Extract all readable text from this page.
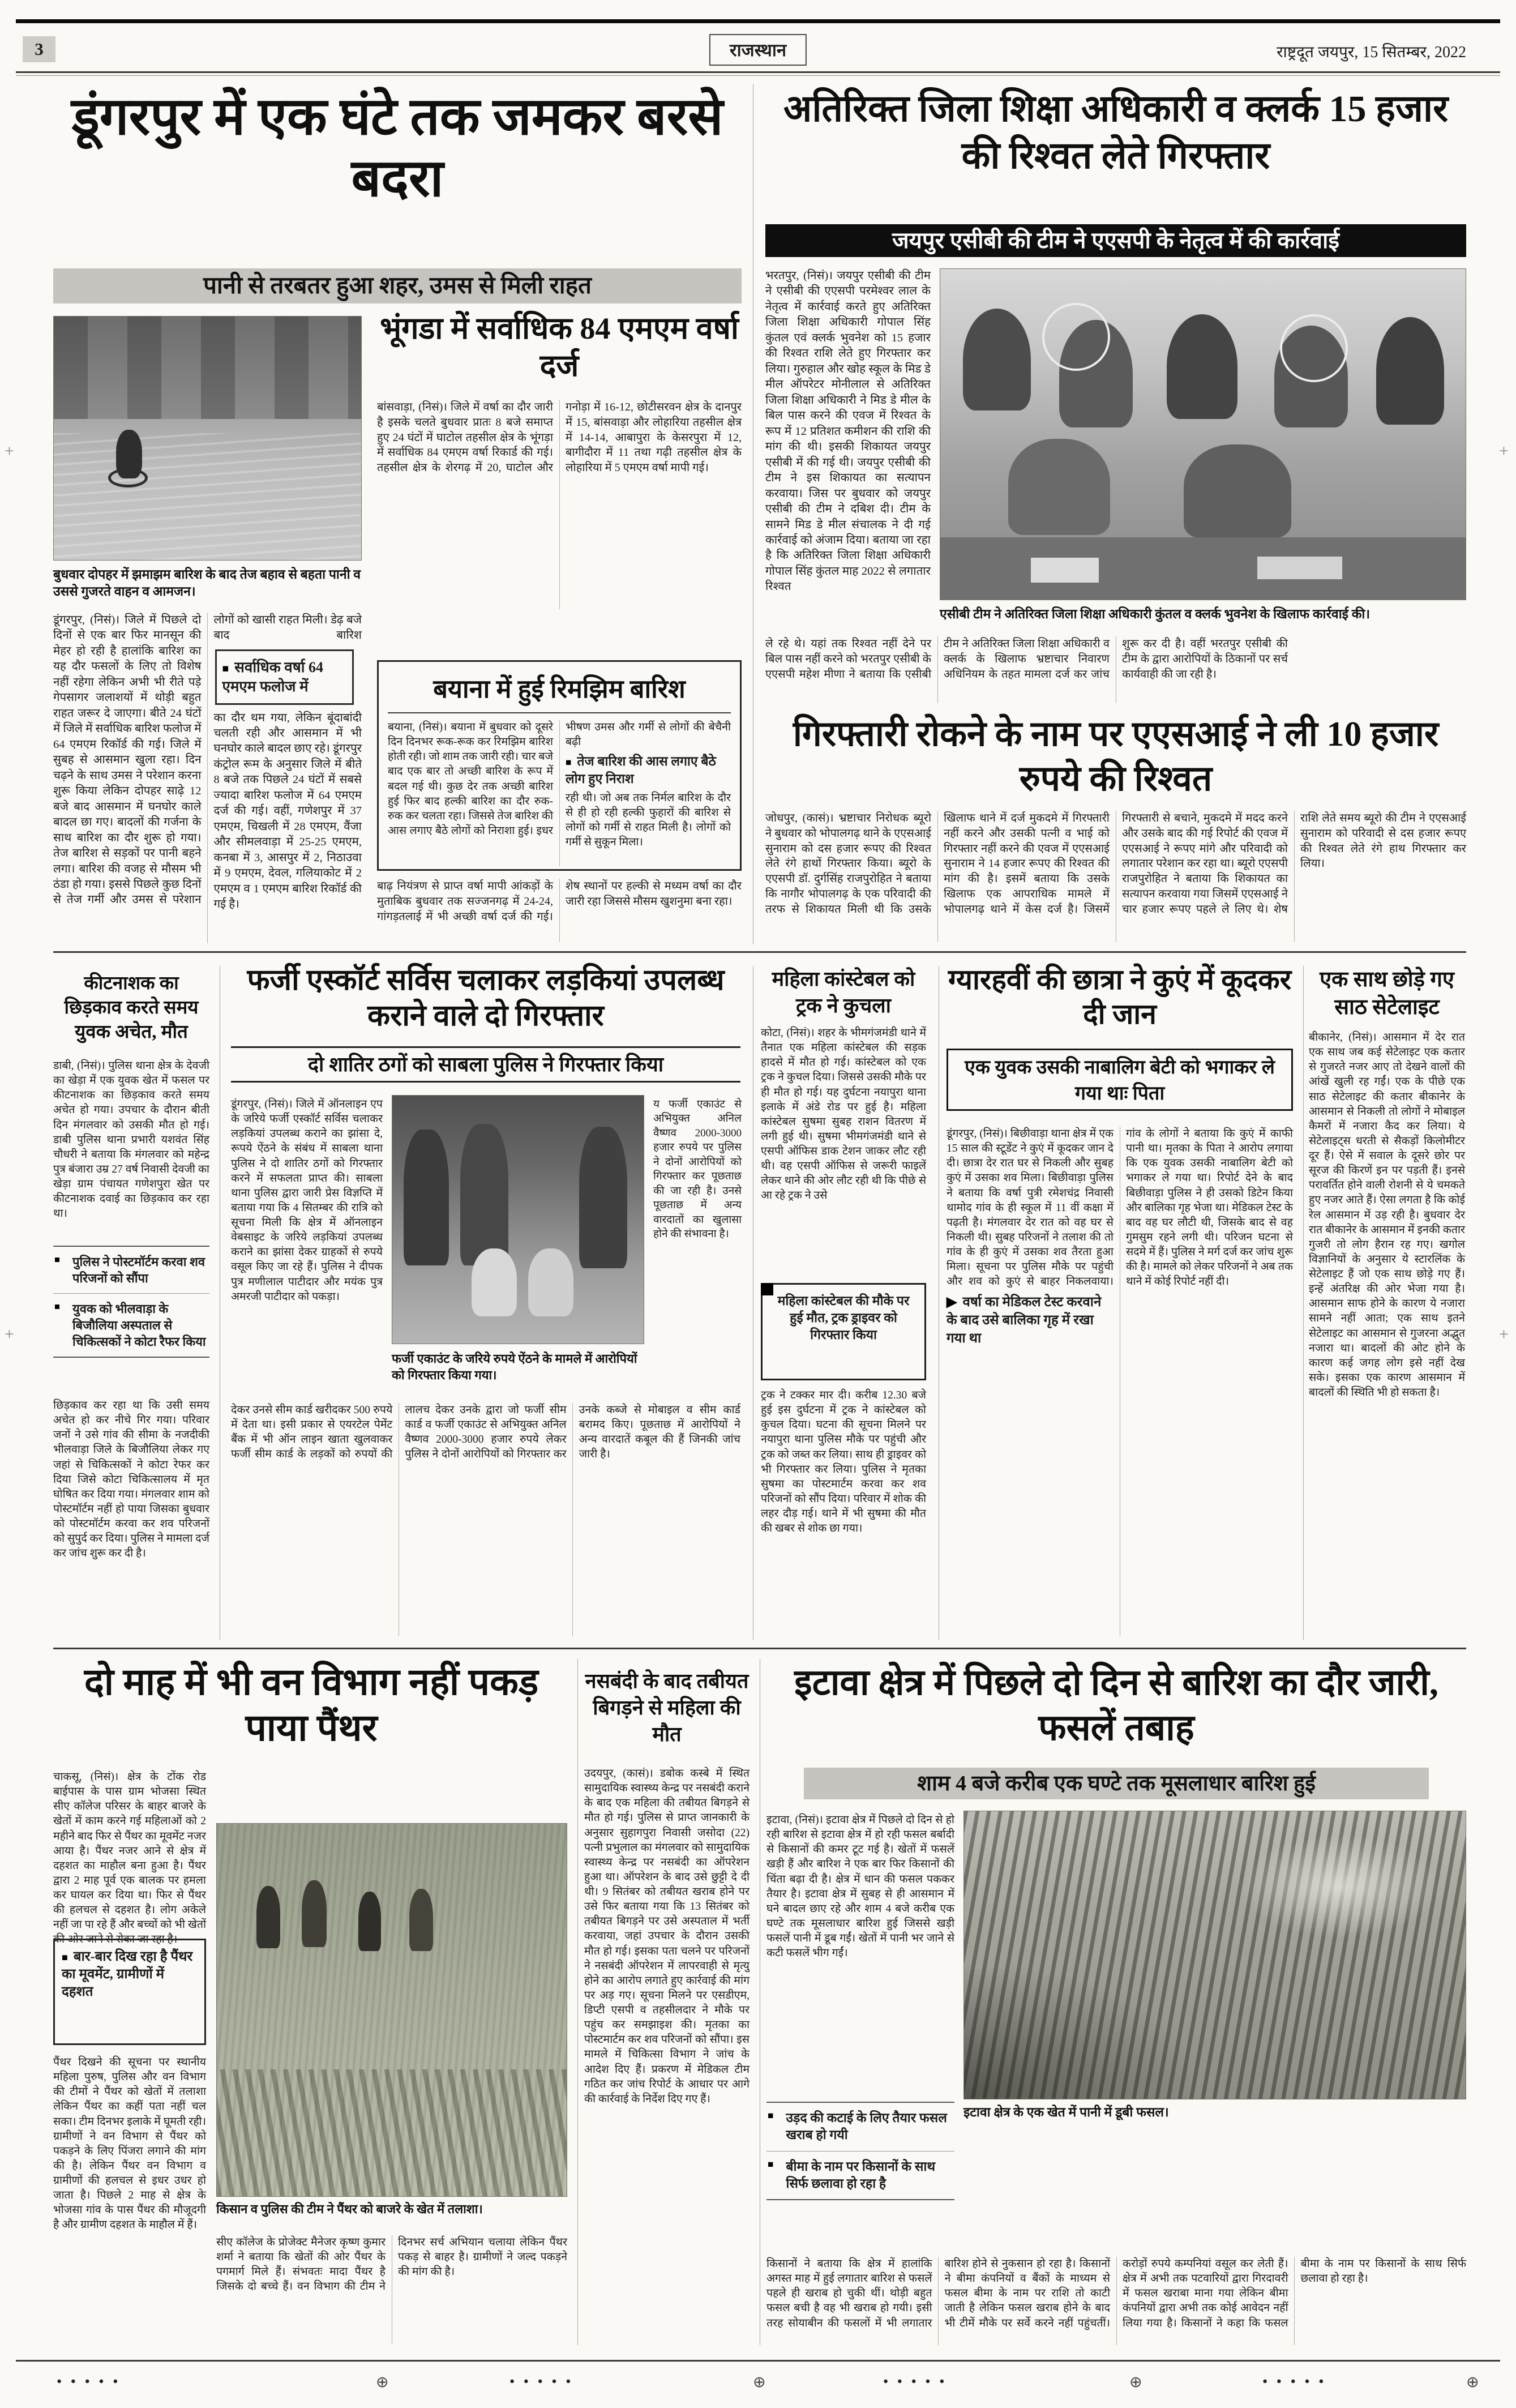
3	राजस्थान	राष्ट्रदूत जयपुर, 15 सितम्बर, 2022
डूंगरपुर में एक घंटे तक जमकर बरसे बदरा
पानी से तरबतर हुआ शहर, उमस से मिली राहत
बुधवार दोपहर में झमाझम बारिश के बाद तेज बहाव से बहता पानी व उससे गुजरते वाहन व आमजन।
डूंगरपुर, (निसं)। जिले में पिछले दो दिनों से एक बार फिर मानसून की मेहर हो रही है हालांकि बारिश का यह दौर फसलों के लिए तो विशेष नहीं रहेगा लेकिन अभी भी रीते पड़े गेपसागर जलाशयों में थोड़ी बहुत राहत जरूर दे जाएगा। बीते 24 घंटों में जिले में सर्वाधिक बारिश फलोज में 64 एमएम रिकॉर्ड की गई। जिले में सुबह से आसमान खुला रहा। दिन चढ़ने के साथ उमस ने परेशान करना शुरू किया लेकिन दोपहर साढ़े 12 बजे बाद आसमान में घनघोर काले बादल छा गए। बादलों की गर्जना के साथ बारिश का दौर शुरू हो गया। तेज बारिश से सड़कों पर पानी बहने लगा। बारिश की वजह से मौसम भी ठंडा हो गया। इससे पिछले कुछ दिनों से तेज गर्मी और उमस से परेशान लोगों को खासी राहत मिली। डेढ़ बजे बाद बारिश ■ सर्वाधिक वर्षा 64 एमएम फलोज में का दौर थम गया, लेकिन बूंदाबांदी चलती रही और आसमान में भी घनघोर काले बादल छाए रहे। डूंगरपुर कंट्रोल रूम के अनुसार जिले में बीते 8 बजे तक पिछले 24 घंटों में सबसे ज्यादा बारिश फलोज में 64 एमएम दर्ज की गई। वहीं, गणेशपुर में 37 एमएम, चिखली में 28 एमएम, वैंजा और सीमलवाड़ा में 25-25 एमएम, कनबा में 3, आसपुर में 2, निठाउवा में 9 एमएम, देवल, गलियाकोट में 2 एमएम व 1 एमएम बारिश रिकॉर्ड की गई है।
भूंगडा में सर्वाधिक 84 एमएम वर्षा दर्ज
बांसवाड़ा, (निसं)। जिले में वर्षा का दौर जारी है इसके चलते बुधवार प्रातः 8 बजे समाप्त हुए 24 घंटों में घाटोल तहसील क्षेत्र के भूंगड़ा में सर्वाधिक 84 एमएम वर्षा रिकार्ड की गई। तहसील क्षेत्र के शेरगढ़ में 20, घाटोल और गनोड़ा में 16-12, छोटीसरवन क्षेत्र के दानपुर में 15, बांसवाड़ा और लोहारिया तहसील क्षेत्र में 14-14, आबापुरा के केसरपुरा में 12, बागीदौरा में 11 तथा गढ़ी तहसील क्षेत्र के लोहारिया में 5 एमएम वर्षा मापी गई।
बयाना में हुई रिमझिम बारिश
बयाना, (निसं)। बयाना में बुधवार को दूसरे दिन दिनभर रूक-रूक कर रिमझिम बारिश होती रही। जो शाम तक जारी रही। चार बजे बाद एक बार तो अच्छी बारिश के रूप में बदल गई थी। कुछ देर तक अच्छी बारिश हुई फिर बाद हल्की बारिश का दौर रुक-रुक कर चलता रहा। जिससे तेज बारिश की आस लगाए बैठे लोगों को निराशा हुई। इधर भीषण उमस और गर्मी से लोगों की बेचैनी बढ़ी ■ तेज बारिश की आस लगाए बैठे लोग हुए निराश रही थी। जो अब तक निर्मल बारिश के दौर से ही हो रही हल्की फुहारों की बारिश से लोगों को गर्मी से राहत मिली है। लोगों को गर्मी से सुकून मिला।
बाढ़ नियंत्रण से प्राप्त वर्षा मापी आंकड़ों के मुताबिक बुधवार तक सज्जनगढ़ में 24-24, गांगड़तलाई में भी अच्छी वर्षा दर्ज की गई। शेष स्थानों पर हल्की से मध्यम वर्षा का दौर जारी रहा जिससे मौसम खुशनुमा बना रहा।
अतिरिक्त जिला शिक्षा अधिकारी व क्लर्क 15 हजार की रिश्वत लेते गिरफ्तार
जयपुर एसीबी की टीम ने एएसपी के नेतृत्व में की कार्रवाई
भरतपुर, (निसं)। जयपुर एसीबी की टीम ने एसीबी की एएसपी परमेश्वर लाल के नेतृत्व में कार्रवाई करते हुए अतिरिक्त जिला शिक्षा अधिकारी गोपाल सिंह कुंतल एवं क्लर्क भुवनेश को 15 हजार की रिश्वत राशि लेते हुए गिरफ्तार कर लिया। गुरुहाल और खोह स्कूल के मिड डे मील ऑपरेटर मोनीलाल से अतिरिक्त जिला शिक्षा अधिकारी ने मिड डे मील के बिल पास करने की एवज में रिश्वत के रूप में 12 प्रतिशत कमीशन की राशि की मांग की थी। इसकी शिकायत जयपुर एसीबी में की गई थी। जयपुर एसीबी की टीम ने इस शिकायत का सत्यापन करवाया। जिस पर बुधवार को जयपुर एसीबी की टीम ने दबिश दी। टीम के सामने मिड डे मील संचालक ने दी गई कार्रवाई को अंजाम दिया। बताया जा रहा है कि अतिरिक्त जिला शिक्षा अधिकारी गोपाल सिंह कुंतल माह 2022 से लगातार रिश्वत
एसीबी टीम ने अतिरिक्त जिला शिक्षा अधिकारी कुंतल व क्लर्क भुवनेश के खिलाफ कार्रवाई की।
ले रहे थे। यहां तक रिश्वत नहीं देने पर बिल पास नहीं करने को भरतपुर एसीबी के एएसपी महेश मीणा ने बताया कि एसीबी टीम ने अतिरिक्त जिला शिक्षा अधिकारी व क्लर्क के खिलाफ भ्रष्टाचार निवारण अधिनियम के तहत मामला दर्ज कर जांच शुरू कर दी है। वहीं भरतपुर एसीबी की टीम के द्वारा आरोपियों के ठिकानों पर सर्च कार्यवाही की जा रही है।
गिरफ्तारी रोकने के नाम पर एएसआई ने ली 10 हजार रुपये की रिश्वत
जोधपुर, (कासं)। भ्रष्टाचार निरोधक ब्यूरो ने बुधवार को भोपालगढ़ थाने के एएसआई सुनाराम को दस हजार रूपए की रिश्वत लेते रंगे हाथों गिरफ्तार किया। ब्यूरो के एएसपी डॉ. दुर्गसिंह राजपुरोहित ने बताया कि नागौर भोपालगढ़ के एक परिवादी की तरफ से शिकायत मिली थी कि उसके खिलाफ थाने में दर्ज मुकदमे में गिरफ्तारी नहीं करने और उसकी पत्नी व भाई को गिरफ्तार नहीं करने की एवज में एएसआई सुनाराम ने 14 हजार रूपए की रिश्वत की मांग की है। इसमें बताया कि उसके खिलाफ एक आपराधिक मामले में भोपालगढ़ थाने में केस दर्ज है। जिसमें गिरफ्तारी से बचाने, मुकदमे में मदद करने और उसके बाद की गई रिपोर्ट की एवज में एएसआई ने रूपए मांगे और परिवादी को लगातार परेशान कर रहा था। ब्यूरो एएसपी राजपुरोहित ने बताया कि शिकायत का सत्यापन करवाया गया जिसमें एएसआई ने चार हजार रूपए पहले ले लिए थे। शेष राशि लेते समय ब्यूरो की टीम ने एएसआई सुनाराम को परिवादी से दस हजार रूपए की रिश्वत लेते रंगे हाथ गिरफ्तार कर लिया।
कीटनाशक का छिड़काव करते समय युवक अचेत, मौत
डाबी, (निसं)। पुलिस थाना क्षेत्र के देवजी का खेड़ा में एक युवक खेत में फसल पर कीटनाशक का छिड़काव करते समय अचेत हो गया। उपचार के दौरान बीती दिन मंगलवार को उसकी मौत हो गई। डाबी पुलिस थाना प्रभारी यशवंत सिंह चौधरी ने बताया कि मंगलवार को महेन्द्र पुत्र बंजारा उम्र 27 वर्ष निवासी देवजी का खेड़ा ग्राम पंचायत गणेशपुरा खेत पर कीटनाशक दवाई का छिड़काव कर रहा था।
■ पुलिस ने पोस्टमॉर्टम करवा शव परिजनों को सौंपा
■ युवक को भीलवाड़ा के बिजौलिया अस्पताल से चिकित्सकों ने कोटा रैफर किया
छिड़काव कर रहा था कि उसी समय अचेत हो कर नीचे गिर गया। परिवार जनों ने उसे गांव की सीमा के नजदीकी भीलवाड़ा जिले के बिजौलिया लेकर गए जहां से चिकित्सकों ने कोटा रेफर कर दिया जिसे कोटा चिकित्सालय में मृत घोषित कर दिया गया। मंगलवार शाम को पोस्टमॉर्टम नहीं हो पाया जिसका बुधवार को पोस्टमॉर्टम करवा कर शव परिजनों को सुपुर्द कर दिया। पुलिस ने मामला दर्ज कर जांच शुरू कर दी है।
फर्जी एस्कॉर्ट सर्विस चलाकर लड़कियां उपलब्ध कराने वाले दो गिरफ्तार
दो शातिर ठगों को साबला पुलिस ने गिरफ्तार किया
डूंगरपुर, (निसं)। जिले में ऑनलाइन एप के जरिये फर्जी एस्कॉर्ट सर्विस चलाकर लड़कियां उपलब्ध कराने का झांसा दे, रूपये ऐंठने के संबंध में साबला थाना पुलिस ने दो शातिर ठगों को गिरफ्तार करने में सफलता प्राप्त की। साबला थाना पुलिस द्वारा जारी प्रेस विज्ञप्ति में बताया गया कि 4 सितम्बर की रात्रि को सूचना मिली कि क्षेत्र में ऑनलाइन वेबसाइट के जरिये लड़कियां उपलब्ध कराने का झांसा देकर ग्राहकों से रुपये वसूल किए जा रहे हैं। पुलिस ने दीपक पुत्र मणीलाल पाटीदार और मयंक पुत्र अमरजी पाटीदार को पकड़ा।
य फर्जी एकाउंट से अभियुक्त अनिल वैष्णव 2000-3000 हजार रुपये पर पुलिस ने दोनों आरोपियों को गिरफ्तार कर पूछताछ की जा रही है। उनसे पूछताछ में अन्य वारदातों का खुलासा होने की संभावना है।
फर्जी एकाउंट के जरिये रुपये ऐंठने के मामले में आरोपियों को गिरफ्तार किया गया।
देकर उनसे सीम कार्ड खरीदकर 500 रुपये में देता था। इसी प्रकार से एयरटेल पेमेंट बैंक में भी ऑन लाइन खाता खुलवाकर फर्जी सीम कार्ड के लड़कों को रुपयों की लालच देकर उनके द्वारा जो फर्जी सीम कार्ड व फर्जी एकाउंट से अभियुक्त अनिल वैष्णव 2000-3000 हजार रुपये लेकर पुलिस ने दोनों आरोपियों को गिरफ्तार कर उनके कब्जे से मोबाइल व सीम कार्ड बरामद किए। पूछताछ में आरोपियों ने अन्य वारदातें कबूल की हैं जिनकी जांच जारी है।
महिला कांस्टेबल को ट्रक ने कुचला
कोटा, (निसं)। शहर के भीमगंजमंडी थाने में तैनात एक महिला कांस्टेबल की सड़क हादसे में मौत हो गई। कांस्टेबल को एक ट्रक ने कुचल दिया। जिससे उसकी मौके पर ही मौत हो गई। यह दुर्घटना नयापुरा थाना इलाके में अंडे रोड पर हुई है। महिला कांस्टेबल सुषमा सुबह राशन वितरण में लगी हुई थी। सुषमा भीमगंजमंडी थाने से एसपी ऑफिस डाक टेशन जाकर लौट रही थी। वह एसपी ऑफिस से जरूरी फाइलें लेकर थाने की ओर लौट रही थी कि पीछे से आ रहे ट्रक ने उसे
महिला कांस्टेबल की मौके पर हुई मौत, ट्रक ड्राइवर को गिरफ्तार किया
ट्रक ने टक्कर मार दी। करीब 12.30 बजे हुई इस दुर्घटना में ट्रक ने कांस्टेबल को कुचल दिया। घटना की सूचना मिलने पर नयापुरा थाना पुलिस मौके पर पहुंची और ट्रक को जब्त कर लिया। साथ ही ड्राइवर को भी गिरफ्तार कर लिया। पुलिस ने मृतका सुषमा का पोस्टमार्टम करवा कर शव परिजनों को सौंप दिया। परिवार में शोक की लहर दौड़ गई। थाने में भी सुषमा की मौत की खबर से शोक छा गया।
ग्यारहवीं की छात्रा ने कुएं में कूदकर दी जान
एक युवक उसकी नाबालिग बेटी को भगाकर ले गया थाः पिता
डूंगरपुर, (निसं)। बिछीवाड़ा थाना क्षेत्र में एक 15 साल की स्टूडेंट ने कुएं में कूदकर जान दे दी। छात्रा देर रात घर से निकली और सुबह कुएं में उसका शव मिला। बिछीवाड़ा पुलिस ने बताया कि वर्षा पुत्री रमेशचंद्र निवासी थामोद गांव के ही स्कूल में 11 वीं कक्षा में पढ़ती है। मंगलवार देर रात को वह घर से निकली थी। सुबह परिजनों ने तलाश की तो गांव के ही कुएं में उसका शव तैरता हुआ मिला। सूचना पर पुलिस मौके पर पहुंची और शव को कुएं से बाहर निकलवाया। ▶ वर्षा का मेडिकल टेस्ट करवाने के बाद उसे बालिका गृह में रखा गया था गांव के लोगों ने बताया कि कुएं में काफी पानी था। मृतका के पिता ने आरोप लगाया कि एक युवक उसकी नाबालिग बेटी को भगाकर ले गया था। रिपोर्ट देने के बाद बिछीवाड़ा पुलिस ने ही उसको डिटेन किया और बालिका गृह भेजा था। मेडिकल टेस्ट के बाद वह घर लौटी थी, जिसके बाद से वह गुमसुम रहने लगी थी। परिजन घटना से सदमे में हैं। पुलिस ने मर्ग दर्ज कर जांच शुरू की है। मामले को लेकर परिजनों ने अब तक थाने में कोई रिपोर्ट नहीं दी।
एक साथ छोड़े गए साठ सेटेलाइट
बीकानेर, (निसं)। आसमान में देर रात एक साथ जब कई सेटेलाइट एक कतार से गुजरते नजर आए तो देखने वालों की आंखें खुली रह गईं। एक के पीछे एक साठ सेटेलाइट की कतार बीकानेर के आसमान से निकली तो लोगों ने मोबाइल कैमरों में नजारा कैद कर लिया। ये सेटेलाइट्स धरती से सैकड़ों किलोमीटर दूर हैं। ऐसे में सवाल के दूसरे छोर पर सूरज की किरणें इन पर पड़ती हैं। इनसे परावर्तित होने वाली रोशनी से ये चमकते हुए नजर आते हैं। ऐसा लगता है कि कोई रेल आसमान में उड़ रही है। बुधवार देर रात बीकानेर के आसमान में इनकी कतार गुजरी तो लोग हैरान रह गए। खगोल विज्ञानियों के अनुसार ये स्टारलिंक के सेटेलाइट हैं जो एक साथ छोड़े गए हैं। इन्हें अंतरिक्ष की ओर भेजा गया है। आसमान साफ होने के कारण ये नजारा सामने नहीं आता; एक साथ इतने सेटेलाइट का आसमान से गुजरना अद्भुत नजारा था। बादलों की ओट होने के कारण कई जगह लोग इसे नहीं देख सके। इसका एक कारण आसमान में बादलों की स्थिति भी हो सकता है।
दो माह में भी वन विभाग नहीं पकड़ पाया पैंथर
चाकसू, (निसं)। क्षेत्र के टोंक रोड बाईपास के पास ग्राम भोजसा स्थित सीए कॉलेज परिसर के बाहर बाजरे के खेतों में काम करने गई महिलाओं को 2 महीने बाद फिर से पैंथर का मूवमेंट नजर आया है। पैंथर नजर आने से क्षेत्र में दहशत का माहौल बना हुआ है। पैंथर द्वारा 2 माह पूर्व एक बालक पर हमला कर घायल कर दिया था। फिर से पैंथर की हलचल से दहशत है। लोग अकेले नहीं जा पा रहे हैं और बच्चों को भी खेतों की ओर जाने से रोका जा रहा है।
■ बार-बार दिख रहा है पैंथर का मूवमेंट, ग्रामीणों में दहशत
पैंथर दिखने की सूचना पर स्थानीय महिला पुरुष, पुलिस और वन विभाग की टीमों ने पैंथर को खेतों में तलाशा लेकिन पैंथर का कहीं पता नहीं चल सका। टीम दिनभर इलाके में घूमती रही। ग्रामीणों ने वन विभाग से पैंथर को पकड़ने के लिए पिंजरा लगाने की मांग की है। लेकिन पैंथर वन विभाग व ग्रामीणों की हलचल से इधर उधर हो जाता है। पिछले 2 माह से क्षेत्र के भोजसा गांव के पास पैंथर की मौजूदगी है और ग्रामीण दहशत के माहौल में हैं।
किसान व पुलिस की टीम ने पैंथर को बाजरे के खेत में तलाशा।
सीए कॉलेज के प्रोजेक्ट मैनेजर कृष्ण कुमार शर्मा ने बताया कि खेतों की ओर पैंथर के पगमार्ग मिले हैं। संभवतः मादा पैंथर है जिसके दो बच्चे हैं। वन विभाग की टीम ने दिनभर सर्च अभियान चलाया लेकिन पैंथर पकड़ से बाहर है। ग्रामीणों ने जल्द पकड़ने की मांग की है।
नसबंदी के बाद तबीयत बिगड़ने से महिला की मौत
उदयपुर, (कासं)। डबोक कस्बे में स्थित सामुदायिक स्वास्थ्य केन्द्र पर नसबंदी कराने के बाद एक महिला की तबीयत बिगड़ने से मौत हो गई। पुलिस से प्राप्त जानकारी के अनुसार सुहागपुरा निवासी जसोदा (22) पत्नी प्रभुलाल का मंगलवार को सामुदायिक स्वास्थ्य केन्द्र पर नसबंदी का ऑपरेशन हुआ था। ऑपरेशन के बाद उसे छुट्टी दे दी थी। 9 सितंबर को तबीयत खराब होने पर उसे फिर बताया गया कि 13 सितंबर को तबीयत बिगड़ने पर उसे अस्पताल में भर्ती करवाया, जहां उपचार के दौरान उसकी मौत हो गई। इसका पता चलने पर परिजनों ने नसबंदी ऑपरेशन में लापरवाही से मृत्यु होने का आरोप लगाते हुए कार्रवाई की मांग पर अड़ गए। सूचना मिलने पर एसडीएम, डिप्टी एसपी व तहसीलदार ने मौके पर पहुंच कर समझाइश की। मृतका का पोस्टमार्टम कर शव परिजनों को सौंपा। इस मामले में चिकित्सा विभाग ने जांच के आदेश दिए हैं। प्रकरण में मेडिकल टीम गठित कर जांच रिपोर्ट के आधार पर आगे की कार्रवाई के निर्देश दिए गए हैं।
इटावा क्षेत्र में पिछले दो दिन से बारिश का दौर जारी, फसलें तबाह
शाम 4 बजे करीब एक घण्टे तक मूसलाधार बारिश हुई
इटावा, (निसं)। इटावा क्षेत्र में पिछले दो दिन से हो रही बारिश से इटावा क्षेत्र में हो रही फसल बर्बादी से किसानों की कमर टूट गई है। खेतों में फसलें खड़ी हैं और बारिश ने एक बार फिर किसानों की चिंता बढ़ा दी है। क्षेत्र में धान की फसल पककर तैयार है। इटावा क्षेत्र में सुबह से ही आसमान में घने बादल छाए रहे और शाम 4 बजे करीब एक घण्टे तक मूसलाधार बारिश हुई जिससे खड़ी फसलें पानी में डूब गईं। खेतों में पानी भर जाने से कटी फसलें भीग गईं।
इटावा क्षेत्र के एक खेत में पानी में डूबी फसल।
■ उड़द की कटाई के लिए तैयार फसल खराब हो गयी
■ बीमा के नाम पर किसानों के साथ सिर्फ छलावा हो रहा है
किसानों ने बताया कि क्षेत्र में हालांकि अगस्त माह में हुई लगातार बारिश से फसलें पहले ही खराब हो चुकी थीं। थोड़ी बहुत फसल बची है वह भी खराब हो गयी। इसी तरह सोयाबीन की फसलों में भी लगातार बारिश होने से नुकसान हो रहा है। किसानों ने बीमा कंपनियों व बैंकों के माध्यम से फसल बीमा के नाम पर राशि तो काटी जाती है लेकिन फसल खराब होने के बाद भी टीमें मौके पर सर्वे करने नहीं पहुंचतीं। करोड़ों रुपये कम्पनियां वसूल कर लेती हैं। क्षेत्र में अभी तक पटवारियों द्वारा गिरदावरी में फसल खराबा माना गया लेकिन बीमा कंपनियों द्वारा अभी तक कोई आवेदन नहीं लिया गया है। किसानों ने कहा कि फसल बीमा के नाम पर किसानों के साथ सिर्फ छलावा हो रहा है।
● ● ● ● ●	⊕	● ● ● ● ●	⊕	● ● ● ● ●	⊕	● ● ● ● ●	⊕
+	+
+	+
